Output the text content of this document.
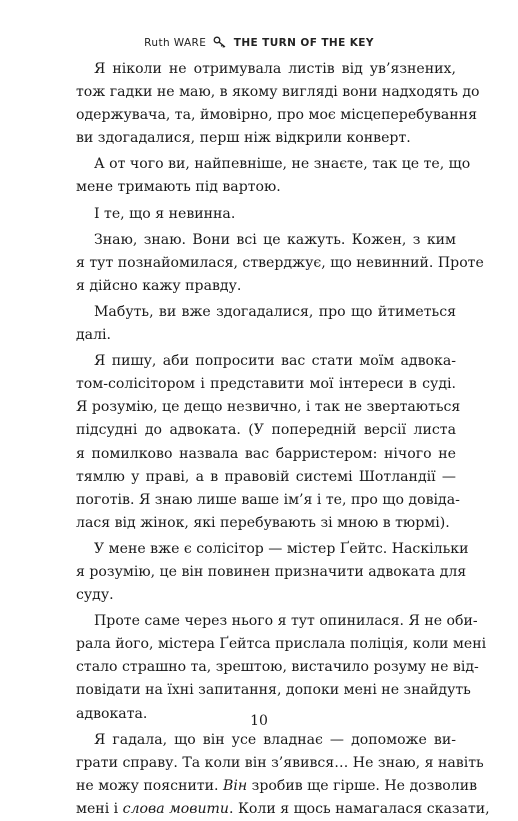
Ruth WARE	THE TURN OF THE KEY

Я ніколи не отримувала листів від ув’язнених,
тож гадки не маю, в якому вигляді вони надходять до
одержувача, та, ймовірно, про моє місцеперебування
ви здогадалися, перш ніж відкрили конверт.

А от чого ви, найпевніше, не знаєте, так це те, що
мене тримають під вартою.

І те, що я невинна.

Знаю, знаю. Вони всі це кажуть. Кожен, з ким
я тут познайомилася, стверджує, що невинний. Проте
я дійсно кажу правду.

Мабуть, ви вже здогадалися, про що йтиметься
далі.

Я пишу, аби попросити вас стати моїм адвока-
том-солісітором і представити мої інтереси в суді.
Я розумію, це дещо незвично, і так не звертаються
підсудні до адвоката. (У попередній версії листа
я помилково назвала вас барристером: нічого не
тямлю у праві, а в правовій системі Шотландії —
поготів. Я знаю лише ваше ім’я і те, про що довіда-
лася від жінок, які перебувають зі мною в тюрмі).

У мене вже є солісітор — містер Ґейтс. Наскільки
я розумію, це він повинен призначити адвоката для
суду.

Проте саме через нього я тут опинилася. Я не оби-
рала його, містера Ґейтса прислала поліція, коли мені
стало страшно та, зрештою, вистачило розуму не від-
повідати на їхні запитання, допоки мені не знайдуть
адвоката.

Я гадала, що він усе владнає — допоможе ви-
грати справу. Та коли він з’явився… Не знаю, я навіть
не можу пояснити. Він зробив ще гірше. Не дозволив
мені і слова мовити. Коли я щось намагалася сказати,

10
